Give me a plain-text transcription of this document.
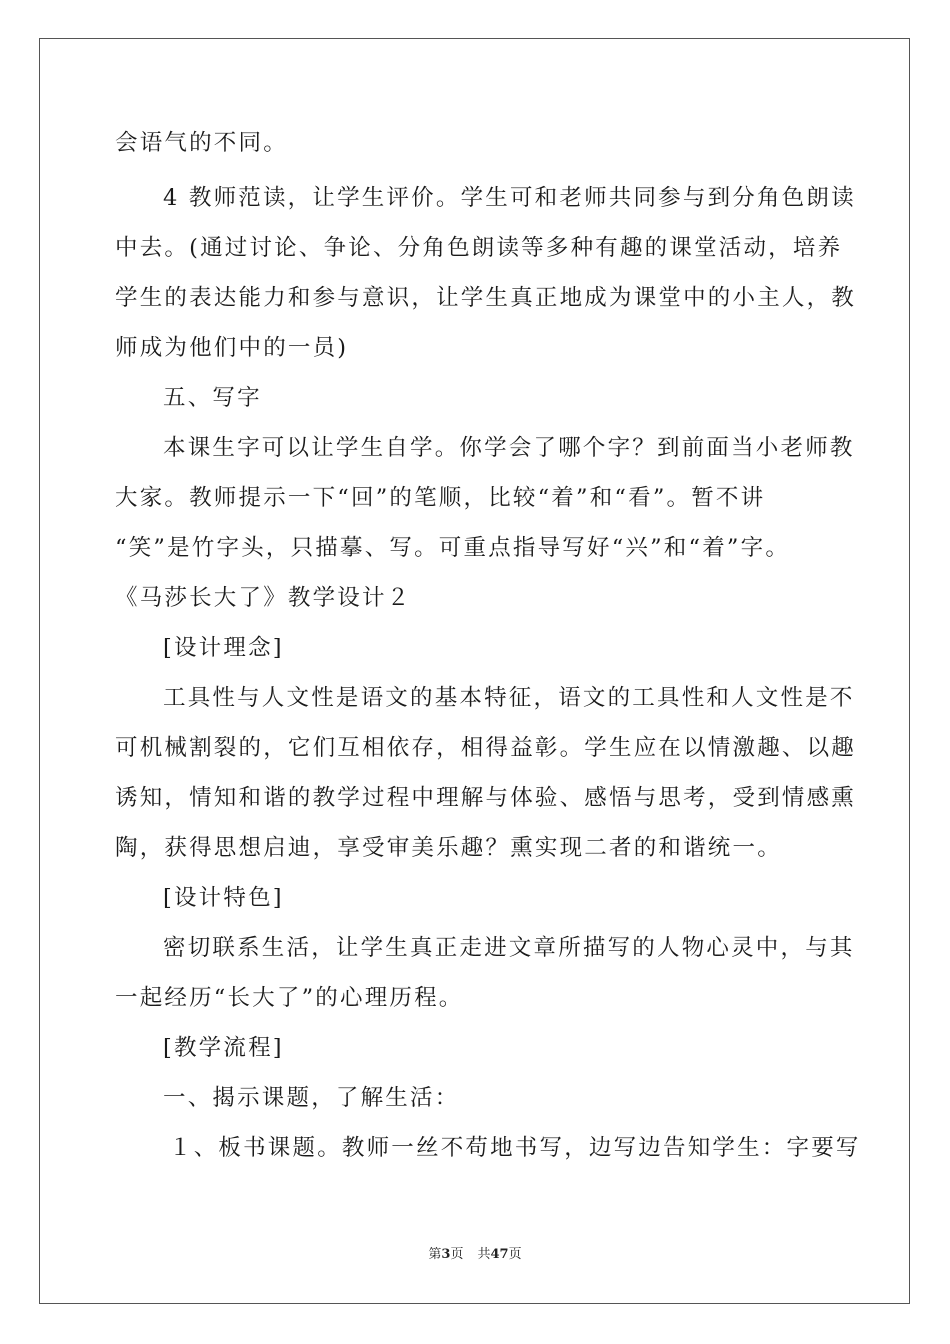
会语气的不同。
4 教师范读，让学生评价。学生可和老师共同参与到分角色朗读
中去。(通过讨论、争论、分角色朗读等多种有趣的课堂活动，培养
学生的表达能力和参与意识，让学生真正地成为课堂中的小主人，教
师成为他们中的一员)
五、写字
本课生字可以让学生自学。你学会了哪个字？到前面当小老师教
大家。教师提示一下“回”的笔顺，比较“着”和“看”。暂不讲
“笑”是竹字头，只描摹、写。可重点指导写好“兴”和“着”字。
《马莎长大了》教学设计２
[设计理念]
工具性与人文性是语文的基本特征，语文的工具性和人文性是不
可机械割裂的，它们互相依存，相得益彰。学生应在以情激趣、以趣
诱知，情知和谐的教学过程中理解与体验、感悟与思考，受到情感熏
陶，获得思想启迪，享受审美乐趣？熏实现二者的和谐统一。
[设计特色]
密切联系生活，让学生真正走进文章所描写的人物心灵中，与其
一起经历“长大了”的心理历程。
[教学流程]
一、揭示课题，了解生活：
１、板书课题。教师一丝不苟地书写，边写边告知学生：字要写
第3页 共47页
